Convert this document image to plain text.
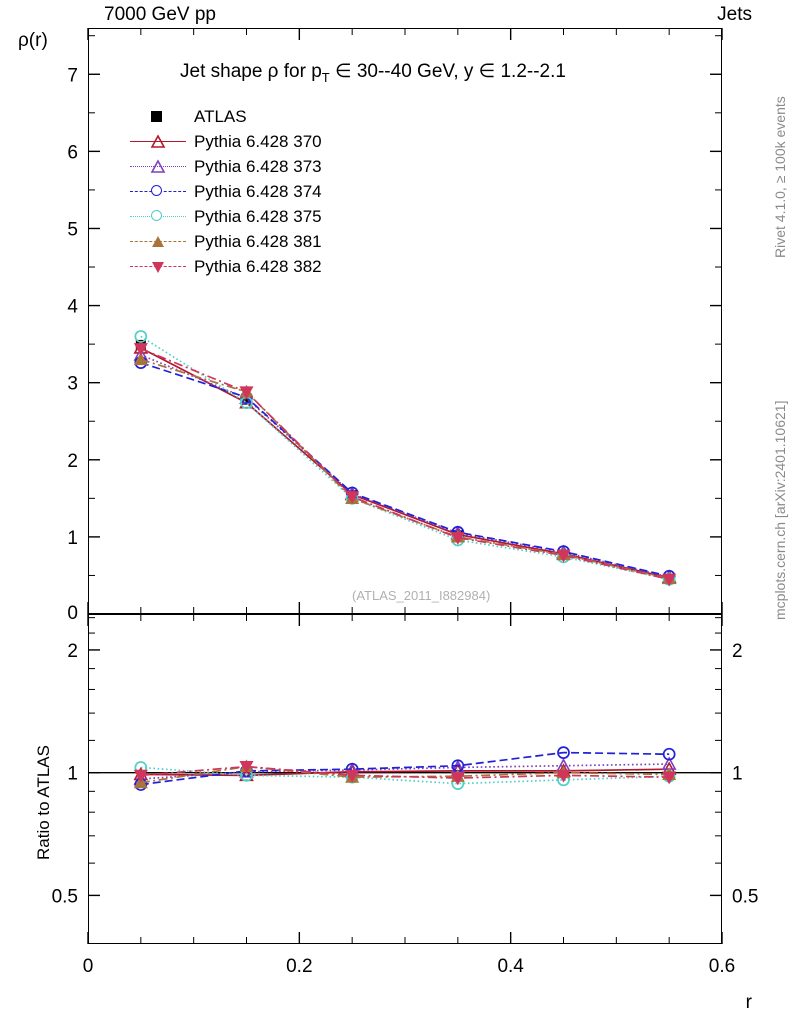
7000 GeV pp	Jets
Rivet 4.1.0, ≥ 100k events
mcplots.cern.ch [arXiv:2401.10621]
ρ(r)
Ratio to ATLAS
r
Jet shape ρ for $p_T$ ∈ 30--40 GeV, y ∈ 1.2--2.1
(ATLAS_2011_I882984)
1
2
3
4
5
6
7
0
0	0.2	0.4	0.6
0.5	0.5
1	1
2	2
ATLAS
Pythia 6.428 370
Pythia 6.428 373
Pythia 6.428 374
Pythia 6.428 375
Pythia 6.428 381
Pythia 6.428 382
